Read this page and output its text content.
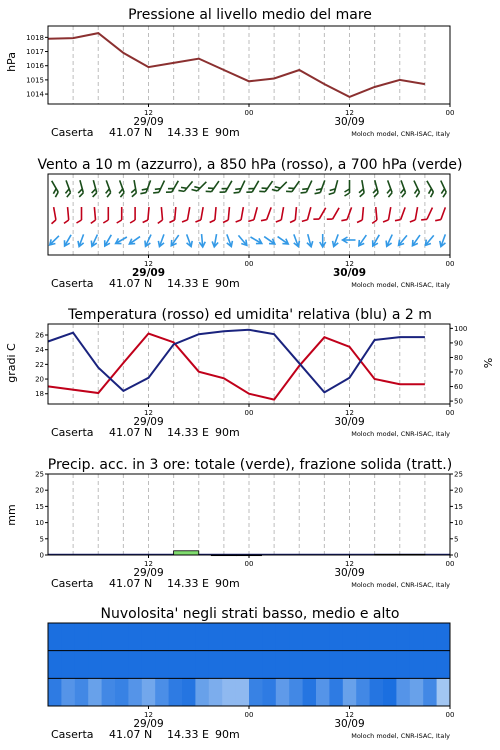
Pressione al livello medio del mare
Vento a 10 m (azzurro), a 850 hPa (rosso), a 700 hPa (verde)
Temperatura (rosso) ed umidita' relativa (blu) a 2 m
Precip. acc. in 3 ore: totale (verde), frazione solida (tratt.)
Nuvolosita' negli strati basso, medio e alto
hPa
gradi C	%
mm
1014
1015
1016
1017
1018
18
20
22
24
26
50
60
70
80
90
100
0	0
5	5
10	10
15	15
20	20
25	25
12	00	12	00
29/09	30/09
Caserta 41.07 N 14.33 E 90m	Moloch model, CNR-ISAC, Italy
12	00	12	00
29/09	30/09
Caserta 41.07 N 14.33 E 90m	Moloch model, CNR-ISAC, Italy
12	00	12	00
29/09	30/09
Caserta 41.07 N 14.33 E 90m	Moloch model, CNR-ISAC, Italy
12	00	12	00
29/09	30/09
Caserta 41.07 N 14.33 E 90m	Moloch model, CNR-ISAC, Italy
12	00	12	00
29/09	30/09
Caserta 41.07 N 14.33 E 90m	Moloch model, CNR-ISAC, Italy
